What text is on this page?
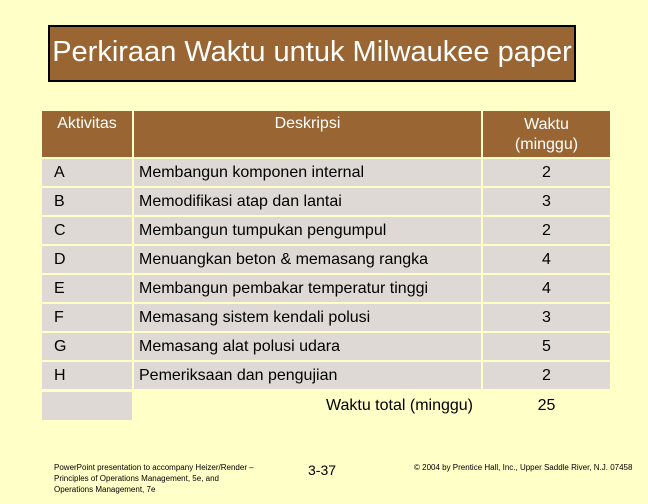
Perkiraan Waktu untuk Milwaukee paper

Aktivitas	Deskripsi	Waktu (minggu)
A	Membangun komponen internal	2
B	Memodifikasi atap dan lantai	3
C	Membangun tumpukan pengumpul	2
D	Menuangkan beton & memasang rangka	4
E	Membangun pembakar temperatur tinggi	4
F	Memasang sistem kendali polusi	3
G	Memasang alat polusi udara	5
H	Pemeriksaan dan pengujian	2
Waktu total (minggu)	25
PowerPoint presentation to accompany Heizer/Render – Principles of Operations Management, 5e, and Operations Management, 7e
3-37	© 2004 by Prentice Hall, Inc., Upper Saddle River, N.J. 07458
